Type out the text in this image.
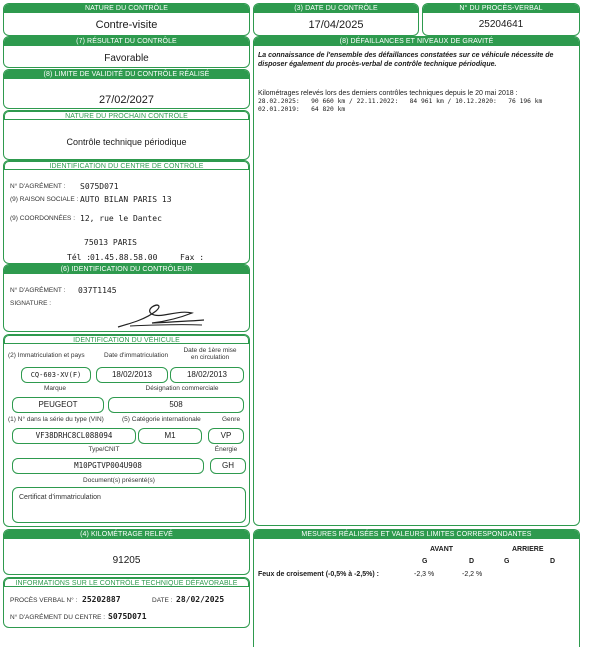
NATURE DU CONTRÔLE
Contre-visite
(3) DATE DU CONTRÔLE
17/04/2025
N° DU PROCÈS-VERBAL
25204641
(7) RÉSULTAT DU CONTRÔLE
Favorable
(8) LIMITE DE VALIDITÉ DU CONTRÔLE RÉALISÉ
27/02/2027
NATURE DU PROCHAIN CONTRÔLE
Contrôle technique périodique
IDENTIFICATION DU CENTRE DE CONTRÔLE
N° D'AGRÉMENT : S075D071
(9) RAISON SOCIALE : AUTO BILAN PARIS 13
(9) COORDONNÉES : 12, rue le Dantec
75013 PARIS
Tél :
01.45.88.58.00	Fax :
(6) IDENTIFICATION DU CONTRÔLEUR
N° D'AGRÉMENT : 037T1145
SIGNATURE :
IDENTIFICATION DU VÉHICULE
(2) Immatriculation et pays	Date d'immatriculation
Date de 1ère mise en circulation
CQ-603-XV(F)	18/02/2013	18/02/2013
Marque	Désignation commerciale
PEUGEOT	508
(1) N° dans la série du type (VIN)	(5) Catégorie internationale	Genre
VF38DRHC8CL088094	M1	VP
Type/CNIT	Énergie
M10PGTVP004U908	GH
Document(s) présenté(s)
Certificat d'immatriculation
(4) KILOMÉTRAGE RELEVÉ
91205
INFORMATIONS SUR LE CONTRÔLE TECHNIQUE DÉFAVORABLE
PROCÈS VERBAL N° : 25202887	DATE : 28/02/2025
N° D'AGRÉMENT DU CENTRE : S075D071
(8) DÉFAILLANCES ET NIVEAUX DE GRAVITÉ
La connaissance de l'ensemble des défaillances constatées sur ce véhicule nécessite de disposer également du procès-verbal de contrôle technique périodique.
Kilométrages relevés lors des derniers contrôles techniques depuis le 20 mai 2018 :
28.02.2025:   90 660 km / 22.11.2022:   84 961 km / 10.12.2020:   76 196 km
02.01.2019:   64 820 km
MESURES RÉALISÉES ET VALEURS LIMITES CORRESPONDANTES
AVANT	ARRIERE
G	D	G	D
Feux de croisement (-0,5% à -2,5%) :	-2,3 %	-2,2 %
